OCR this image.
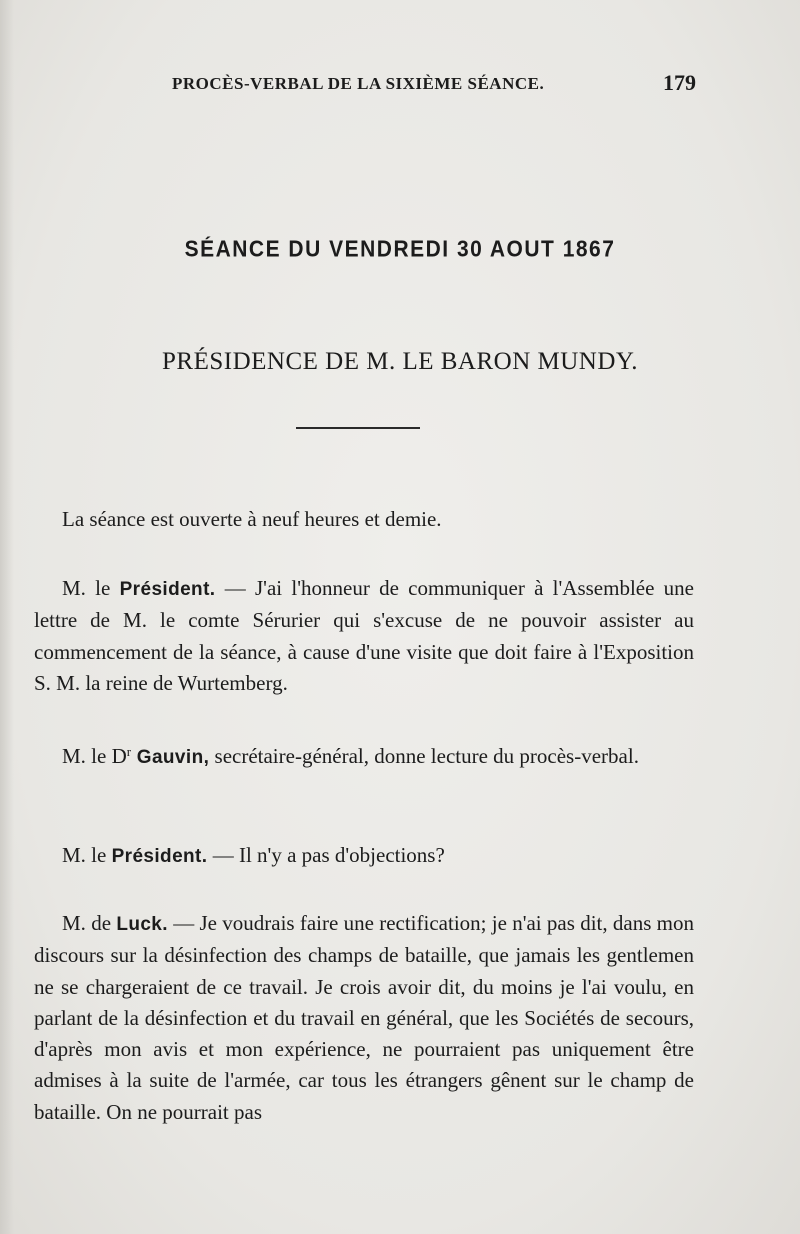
PROCÈS-VERBAL DE LA SIXIÈME SÉANCE.	179
SÉANCE DU VENDREDI 30 AOUT 1867
PRÉSIDENCE DE M. LE BARON MUNDY.
La séance est ouverte à neuf heures et demie.
M. le Président. — J'ai l'honneur de communiquer à l'Assemblée une lettre de M. le comte Sérurier qui s'excuse de ne pouvoir assister au commencement de la séance, à cause d'une visite que doit faire à l'Exposition S. M. la reine de Wurtemberg.
M. le $D^r$ Gauvin, secrétaire-général, donne lecture du procès-verbal.
M. le Président. — Il n'y a pas d'objections?
M. de Luck. — Je voudrais faire une rectification; je n'ai pas dit, dans mon discours sur la désinfection des champs de bataille, que jamais les gentlemen ne se chargeraient de ce travail. Je crois avoir dit, du moins je l'ai voulu, en parlant de la désinfection et du travail en général, que les Sociétés de secours, d'après mon avis et mon expérience, ne pourraient pas uniquement être admises à la suite de l'armée, car tous les étrangers gênent sur le champ de bataille. On ne pourrait pas
